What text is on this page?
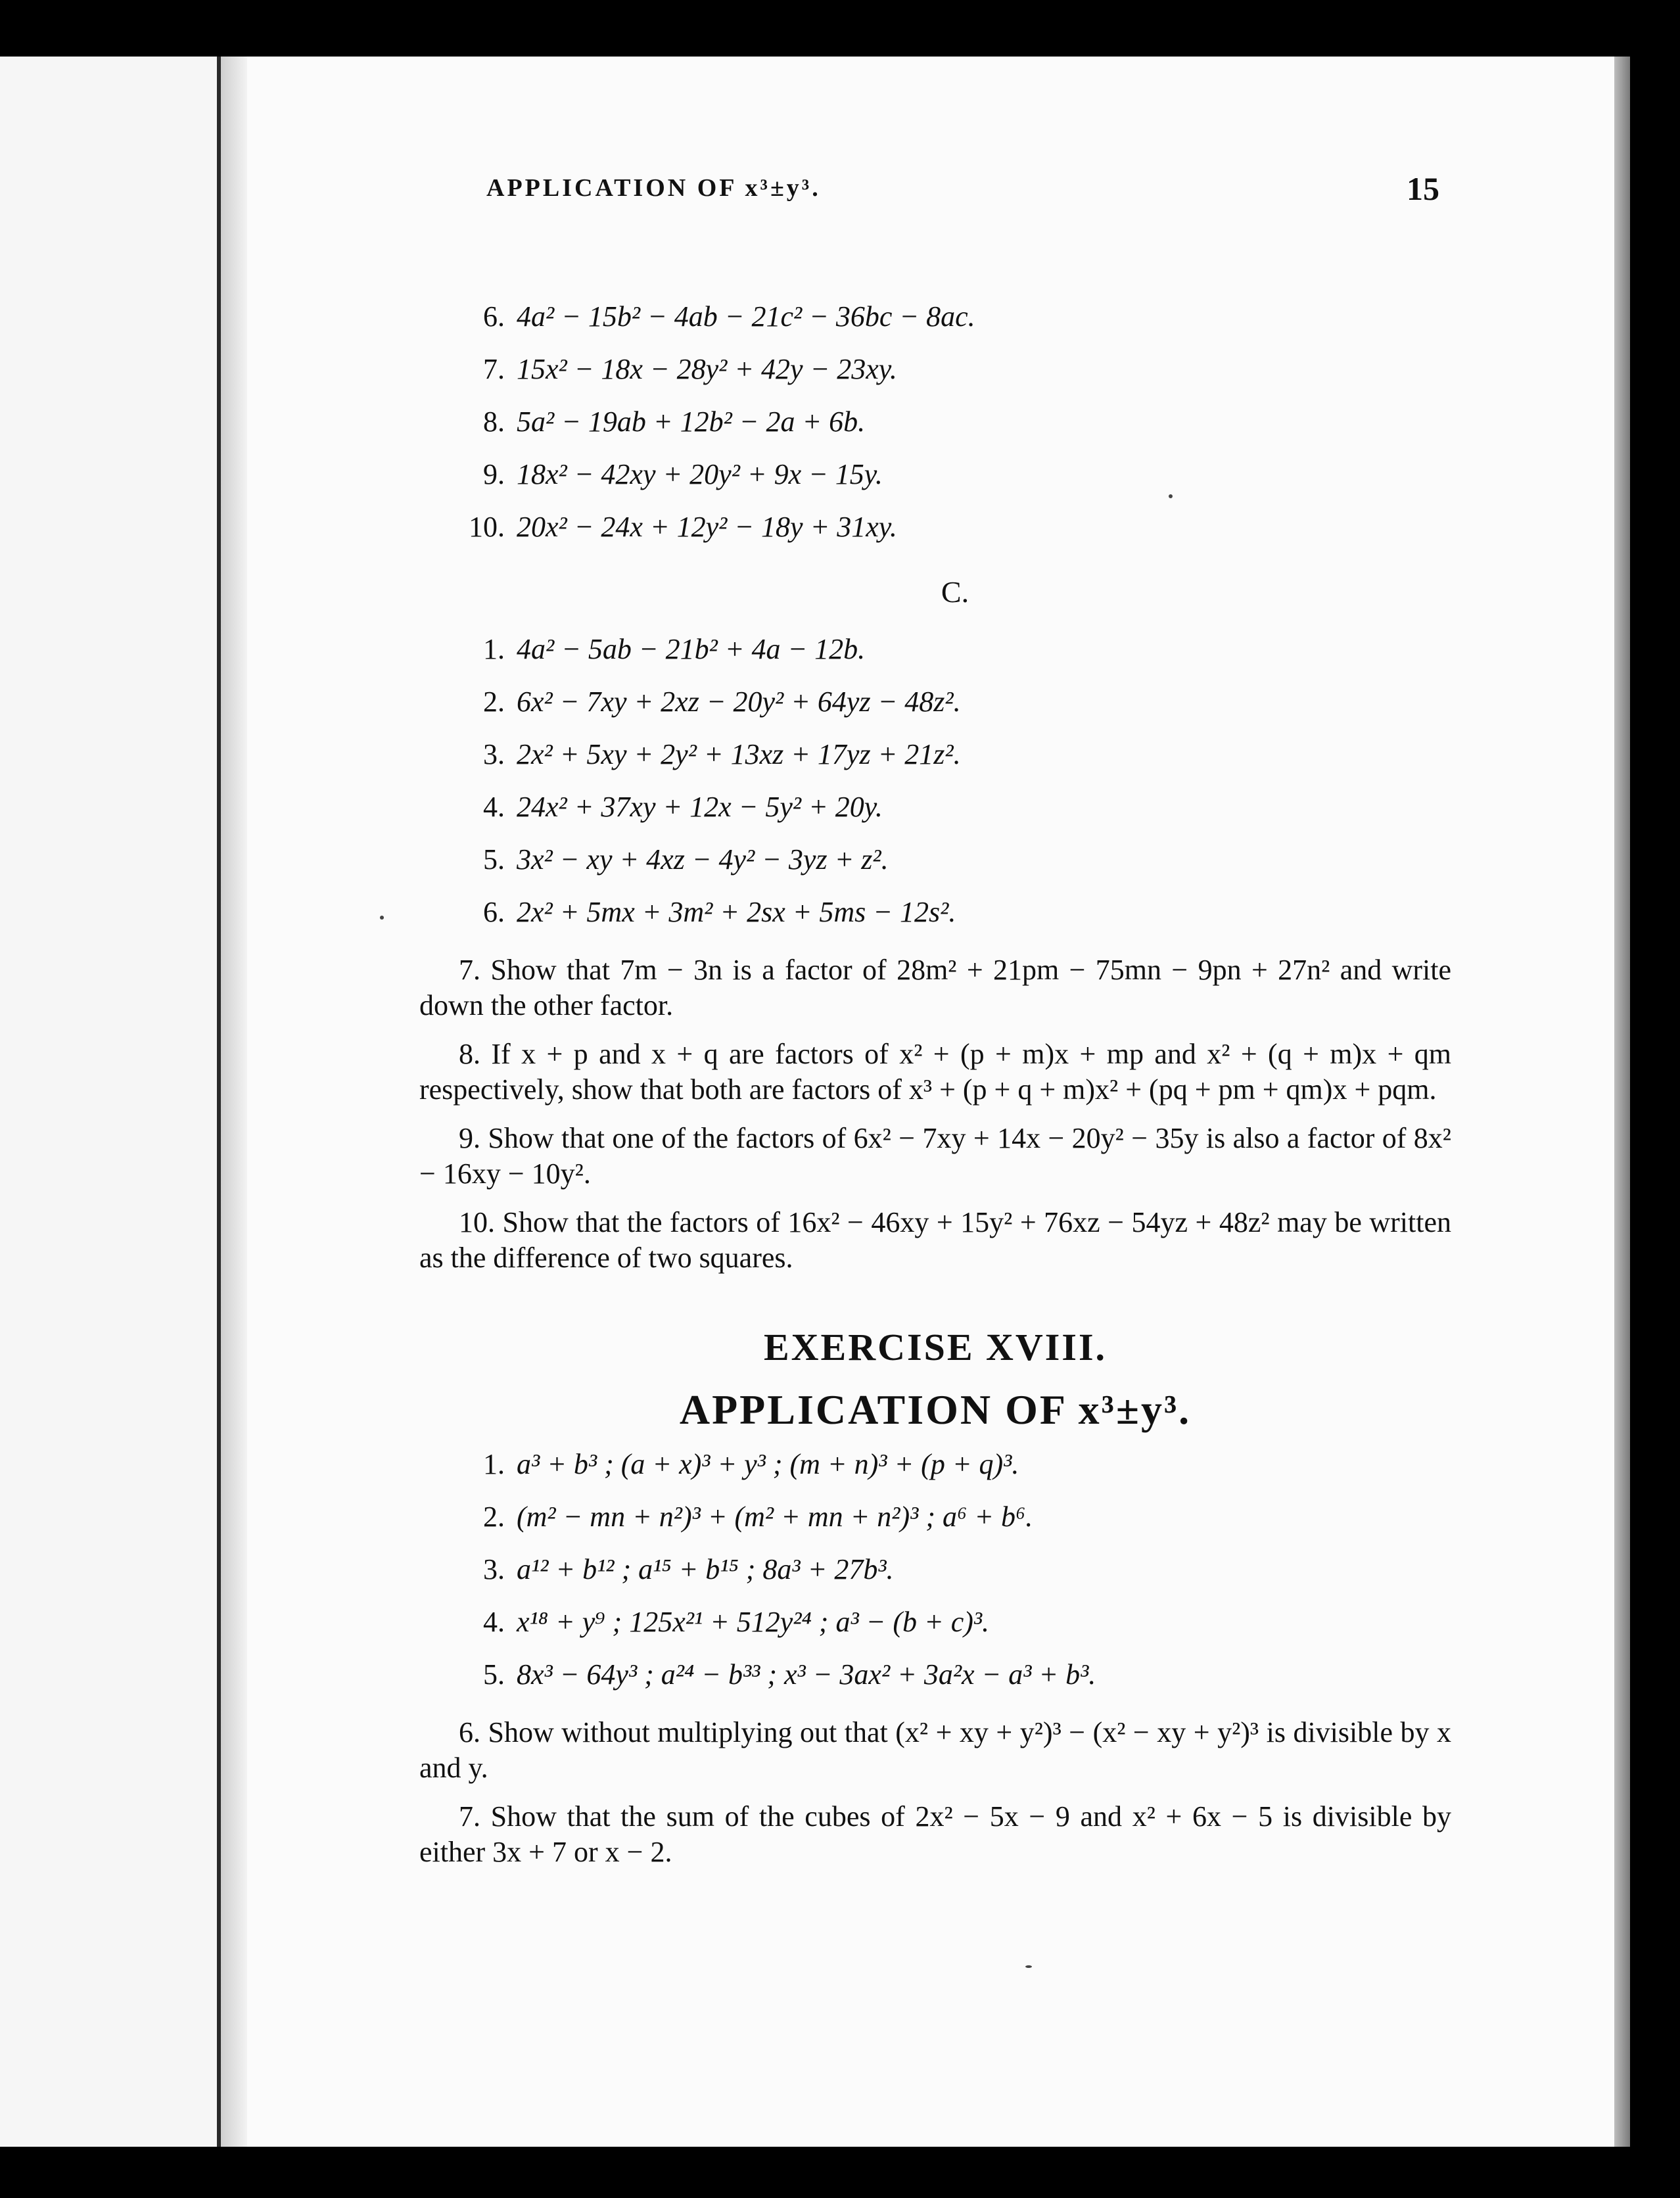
APPLICATION OF x³±y³.	15
6. 4a² − 15b² − 4ab − 21c² − 36bc − 8ac.
7. 15x² − 18x − 28y² + 42y − 23xy.
8. 5a² − 19ab + 12b² − 2a + 6b.
9. 18x² − 42xy + 20y² + 9x − 15y.
10. 20x² − 24x + 12y² − 18y + 31xy.
C.
1. 4a² − 5ab − 21b² + 4a − 12b.
2. 6x² − 7xy + 2xz − 20y² + 64yz − 48z².
3. 2x² + 5xy + 2y² + 13xz + 17yz + 21z².
4. 24x² + 37xy + 12x − 5y² + 20y.
5. 3x² − xy + 4xz − 4y² − 3yz + z².
6. 2x² + 5mx + 3m² + 2sx + 5ms − 12s².

7. Show that 7m − 3n is a factor of 28m² + 21pm − 75mn − 9pn + 27n² and write down the other factor.

8. If x + p and x + q are factors of x² + (p + m)x + mp and x² + (q + m)x + qm respectively, show that both are factors of x³ + (p + q + m)x² + (pq + pm + qm)x + pqm.

9. Show that one of the factors of 6x² − 7xy + 14x − 20y² − 35y is also a factor of 8x² − 16xy − 10y².

10. Show that the factors of 16x² − 46xy + 15y² + 76xz − 54yz + 48z² may be written as the difference of two squares.

EXERCISE XVIII.
APPLICATION OF x³±y³.
1. a³ + b³ ; (a + x)³ + y³ ; (m + n)³ + (p + q)³.
2. (m² − mn + n²)³ + (m² + mn + n²)³ ; a⁶ + b⁶.
3. a¹² + b¹² ; a¹⁵ + b¹⁵ ; 8a³ + 27b³.
4. x¹⁸ + y⁹ ; 125x²¹ + 512y²⁴ ; a³ − (b + c)³.
5. 8x³ − 64y³ ; a²⁴ − b³³ ; x³ − 3ax² + 3a²x − a³ + b³.

6. Show without multiplying out that (x² + xy + y²)³ − (x² − xy + y²)³ is divisible by x and y.

7. Show that the sum of the cubes of 2x² − 5x − 9 and x² + 6x − 5 is divisible by either 3x + 7 or x − 2.
